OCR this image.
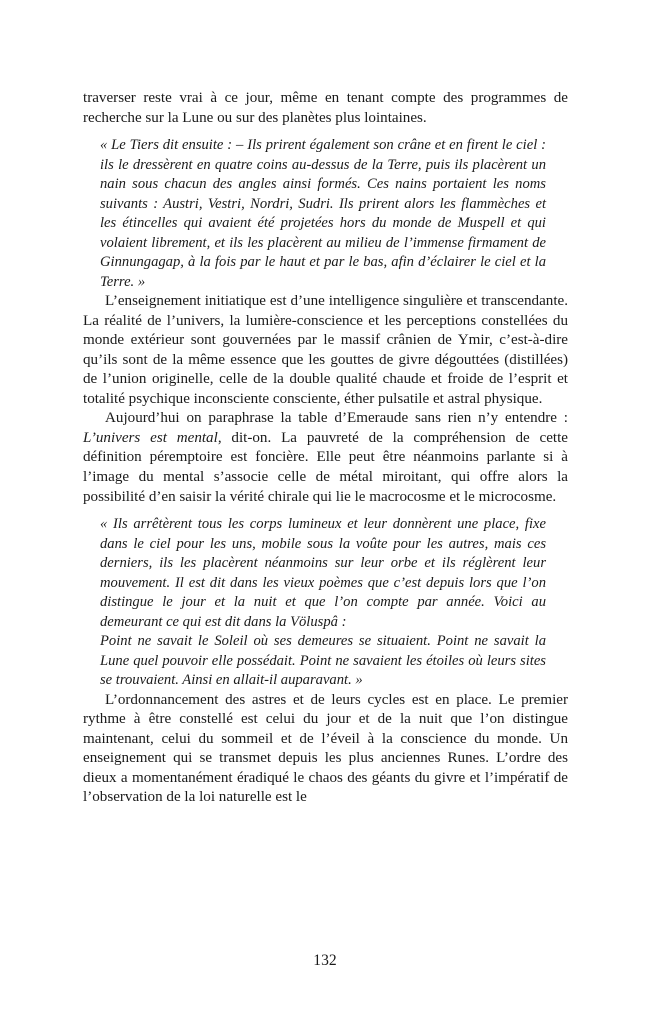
traverser reste vrai à ce jour, même en tenant compte des programmes de recherche sur la Lune ou sur des planètes plus lointaines.

« Le Tiers dit ensuite : – Ils prirent également son crâne et en firent le ciel : ils le dressèrent en quatre coins au-dessus de la Terre, puis ils placèrent un nain sous chacun des angles ainsi formés. Ces nains portaient les noms suivants : Austri, Vestri, Nordri, Sudri. Ils prirent alors les flammèches et les étincelles qui avaient été projetées hors du monde de Muspell et qui volaient librement, et ils les placèrent au milieu de l’immense firmament de Ginnungagap, à la fois par le haut et par le bas, afin d’éclairer le ciel et la Terre. »

L’enseignement initiatique est d’une intelligence singulière et transcendante. La réalité de l’univers, la lumière-conscience et les perceptions constellées du monde extérieur sont gouvernées par le massif crânien de Ymir, c’est-à-dire qu’ils sont de la même essence que les gouttes de givre dégouttées (distillées) de l’union originelle, celle de la double qualité chaude et froide de l’esprit et totalité psychique inconsciente consciente, éther pulsatile et astral physique.

Aujourd’hui on paraphrase la table d’Emeraude sans rien n’y entendre : L’univers est mental, dit-on. La pauvreté de la compréhension de cette définition péremptoire est foncière. Elle peut être néanmoins parlante si à l’image du mental s’associe celle de métal miroitant, qui offre alors la possibilité d’en saisir la vérité chirale qui lie le macrocosme et le microcosme.

« Ils arrêtèrent tous les corps lumineux et leur donnèrent une place, fixe dans le ciel pour les uns, mobile sous la voûte pour les autres, mais ces derniers, ils les placèrent néanmoins sur leur orbe et ils réglèrent leur mouvement. Il est dit dans les vieux poèmes que c’est depuis lors que l’on distingue le jour et la nuit et que l’on compte par année. Voici au demeurant ce qui est dit dans la Völuspâ :
Point ne savait le Soleil où ses demeures se situaient. Point ne savait la Lune quel pouvoir elle possédait. Point ne savaient les étoiles où leurs sites se trouvaient. Ainsi en allait-il auparavant. »

L’ordonnancement des astres et de leurs cycles est en place. Le premier rythme à être constellé est celui du jour et de la nuit que l’on distingue maintenant, celui du sommeil et de l’éveil à la conscience du monde. Un enseignement qui se transmet depuis les plus anciennes Runes. L’ordre des dieux a momentanément éradiqué le chaos des géants du givre et l’impératif de l’observation de la loi naturelle est le

132
